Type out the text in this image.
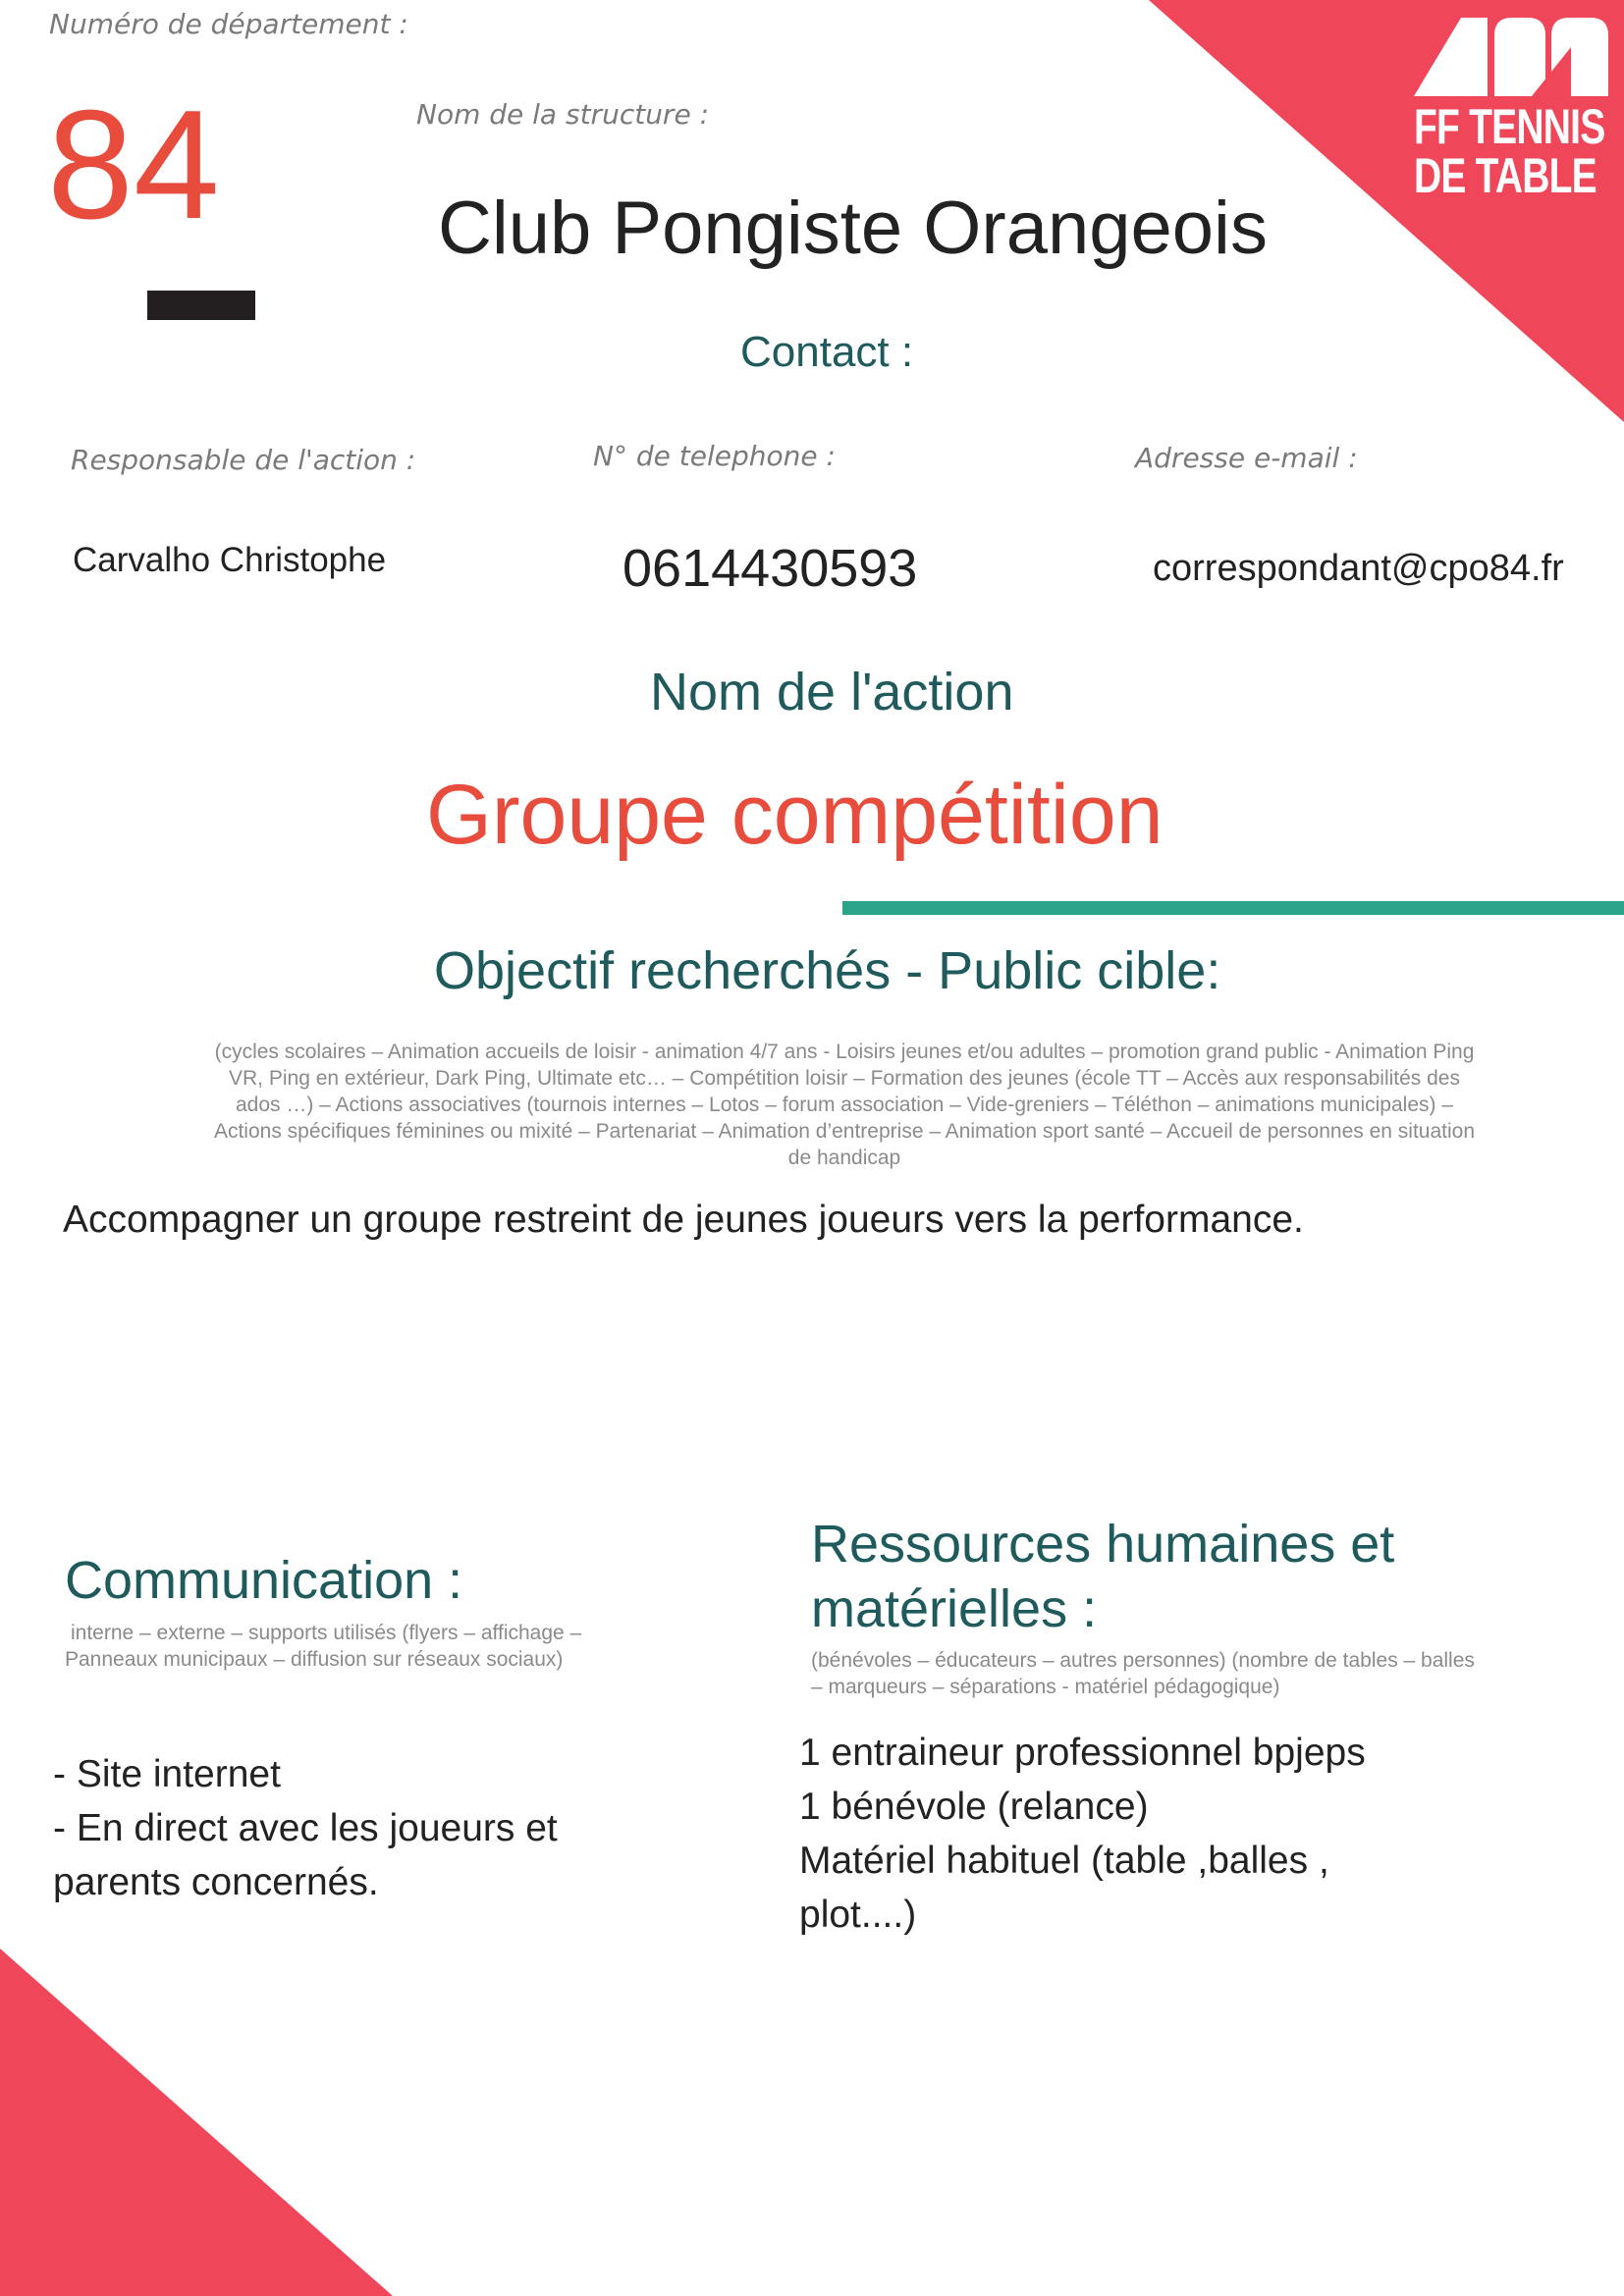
FF TENNIS
DE TABLE

Numéro de département :

84	Nom de la structure :

Club Pongiste Orangeois

Contact :

Responsable de l'action :	N° de telephone :	Adresse e-mail :

Carvalho Christophe	0614430593	correspondant@cpo84.fr

Nom de l'action

Groupe compétition

Objectif recherchés - Public cible:

(cycles scolaires – Animation accueils de loisir - animation 4/7 ans - Loisirs jeunes et/ou adultes – promotion grand public - Animation Ping
VR, Ping en extérieur, Dark Ping, Ultimate etc… – Compétition loisir – Formation des jeunes (école TT – Accès aux responsabilités des
ados …) – Actions associatives (tournois internes – Lotos – forum association – Vide-greniers – Téléthon – animations municipales) –
Actions spécifiques féminines ou mixité – Partenariat – Animation d’entreprise – Animation sport santé – Accueil de personnes en situation
de handicap

Accompagner un groupe restreint de jeunes joueurs vers la performance.

Communication :

interne – externe – supports utilisés (flyers – affichage –
Panneaux municipaux – diffusion sur réseaux sociaux)
- Site internet
- En direct avec les joueurs et
parents concernés.
Ressources humaines et
matérielles :
(bénévoles – éducateurs – autres personnes) (nombre de tables – balles
– marqueurs – séparations - matériel pédagogique)
1 entraineur professionnel bpjeps
1 bénévole (relance)
Matériel habituel (table ,balles ,
plot....)
